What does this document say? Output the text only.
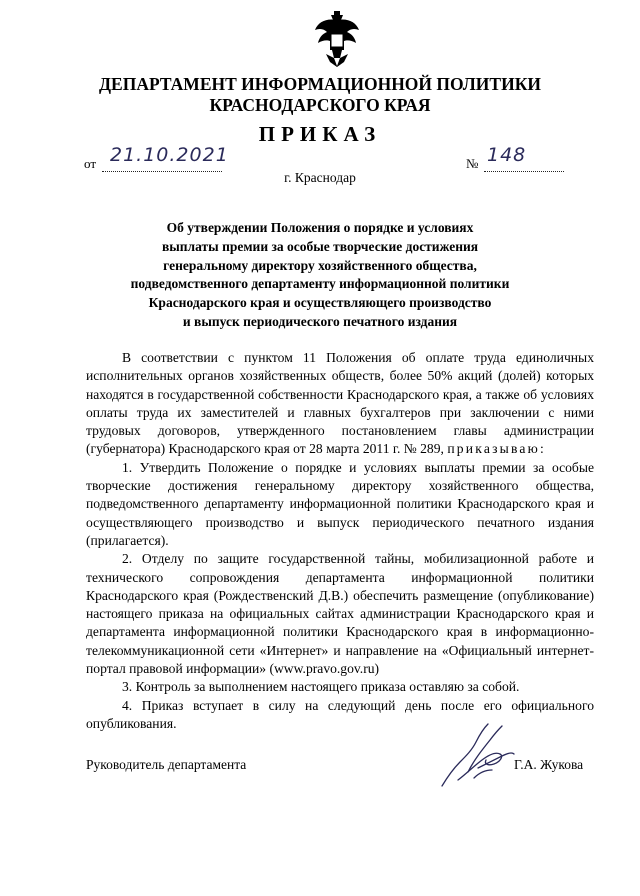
ДЕПАРТАМЕНТ ИНФОРМАЦИОННОЙ ПОЛИТИКИ
КРАСНОДАРСКОГО КРАЯ
ПРИКАЗ
от 21.10.2021	№ 148
г. Краснодар
Об утверждении Положения о порядке и условиях
выплаты премии за особые творческие достижения
генеральному директору хозяйственного общества,
подведомственного департаменту информационной политики
Краснодарского края и осуществляющего производство
и выпуск периодического печатного издания

В соответствии с пунктом 11 Положения об оплате труда единоличных исполнительных органов хозяйственных обществ, более 50% акций (долей) которых находятся в государственной собственности Краснодарского края, а также об условиях оплаты труда их заместителей и главных бухгалтеров при заключении с ними трудовых договоров, утвержденного постановлением главы администрации (губернатора) Краснодарского края от 28 марта 2011 г. № 289, приказываю:

1. Утвердить Положение о порядке и условиях выплаты премии за особые творческие достижения генеральному директору хозяйственного общества, подведомственного департаменту информационной политики Краснодарского края и осуществляющего производство и выпуск периодического печатного издания (прилагается).

2. Отделу по защите государственной тайны, мобилизационной работе и технического сопровождения департамента информационной политики Краснодарского края (Рождественский Д.В.) обеспечить размещение (опубликование) настоящего приказа на официальных сайтах администрации Краснодарского края и департамента информационной политики Краснодарского края в информационно-телекоммуникационной сети «Интернет» и направление на «Официальный интернет-портал правовой информации» (www.pravo.gov.ru)

3. Контроль за выполнением настоящего приказа оставляю за собой.

4. Приказ вступает в силу на следующий день после его официального опубликования.

Руководитель департамента	Г.А. Жукова
